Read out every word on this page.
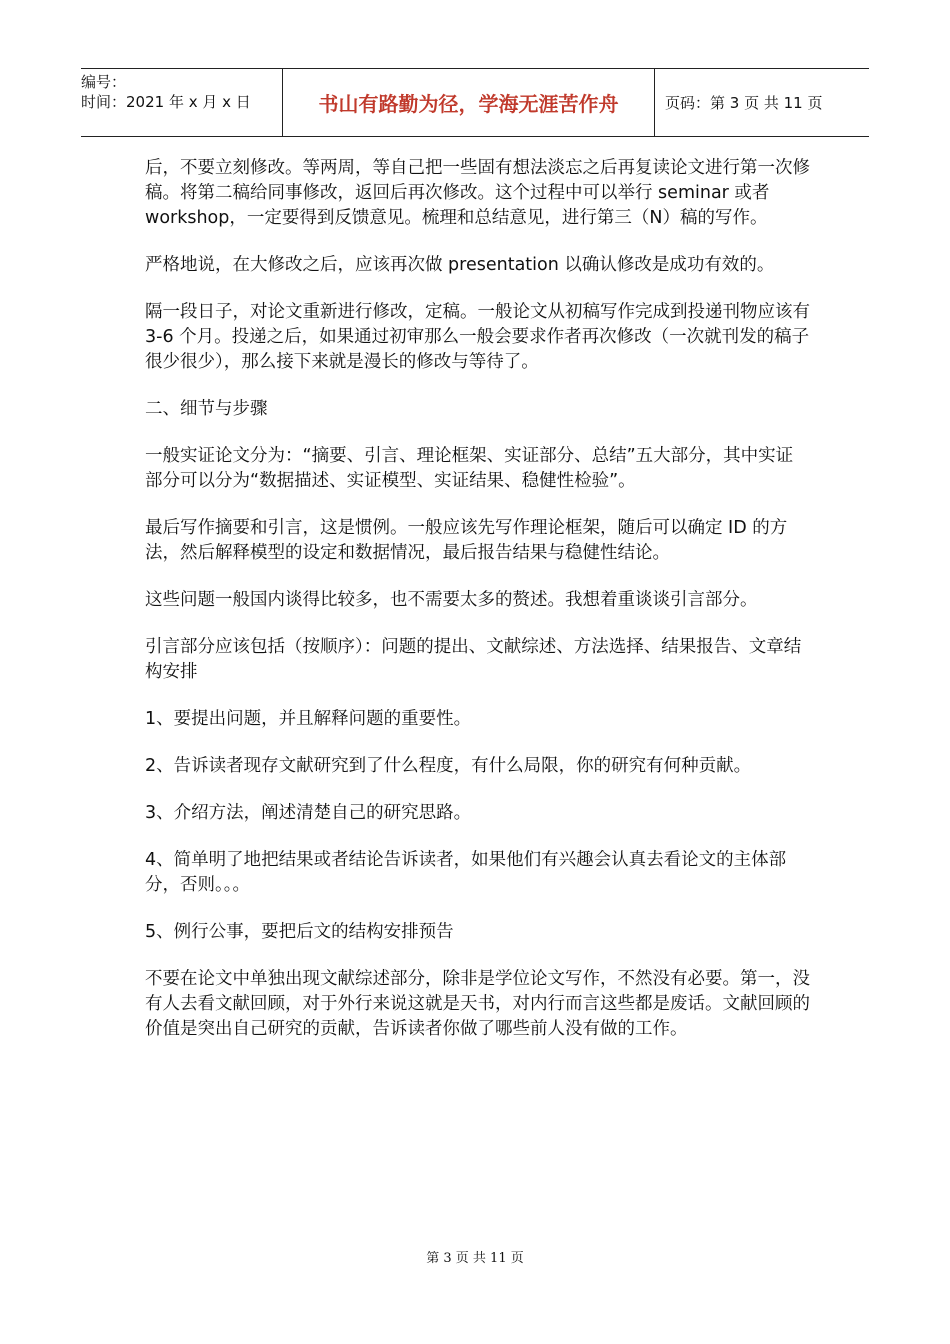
编号：
时间：2021 年 x 月 x 日	书山有路勤为径，学海无涯苦作舟	页码：第 3 页 共 11 页

后，不要立刻修改。等两周，等自己把一些固有想法淡忘之后再复读论文进行第一次修稿。将第二稿给同事修改，返回后再次修改。这个过程中可以举行 seminar 或者 workshop，一定要得到反馈意见。梳理和总结意见，进行第三（N）稿的写作。

严格地说，在大修改之后，应该再次做 presentation 以确认修改是成功有效的。

隔一段日子，对论文重新进行修改，定稿。一般论文从初稿写作完成到投递刊物应该有 3-6 个月。投递之后，如果通过初审那么一般会要求作者再次修改（一次就刊发的稿子很少很少），那么接下来就是漫长的修改与等待了。

二、细节与步骤

一般实证论文分为：“摘要、引言、理论框架、实证部分、总结”五大部分，其中实证部分可以分为“数据描述、实证模型、实证结果、稳健性检验”。

最后写作摘要和引言，这是惯例。一般应该先写作理论框架，随后可以确定 ID 的方法，然后解释模型的设定和数据情况，最后报告结果与稳健性结论。

这些问题一般国内谈得比较多，也不需要太多的赘述。我想着重谈谈引言部分。

引言部分应该包括（按顺序）：问题的提出、文献综述、方法选择、结果报告、文章结构安排

1、要提出问题，并且解释问题的重要性。

2、告诉读者现存文献研究到了什么程度，有什么局限，你的研究有何种贡献。

3、介绍方法，阐述清楚自己的研究思路。

4、简单明了地把结果或者结论告诉读者，如果他们有兴趣会认真去看论文的主体部分，否则。。。

5、例行公事，要把后文的结构安排预告

不要在论文中单独出现文献综述部分，除非是学位论文写作，不然没有必要。第一，没有人去看文献回顾，对于外行来说这就是天书，对内行而言这些都是废话。文献回顾的价值是突出自己研究的贡献，告诉读者你做了哪些前人没有做的工作。

第 3 页 共 11 页
